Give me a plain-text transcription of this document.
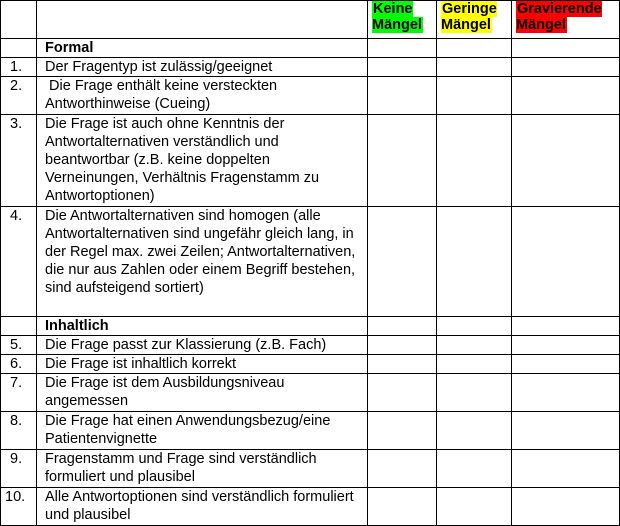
		Keine Mängel	Geringe Mängel	Gravierende Mängel
	Formal			
1.	Der Fragentyp ist zulässig/geeignet			
2.	Die Frage enthält keine versteckten Antworthinweise (Cueing)			
3.	Die Frage ist auch ohne Kenntnis der Antwortalternativen verständlich und beantwortbar (z.B. keine doppelten Verneinungen, Verhältnis Fragenstamm zu Antwortoptionen)			
4.	Die Antwortalternativen sind homogen (alle Antwortalternativen sind ungefähr gleich lang, in der Regel max. zwei Zeilen; Antwortalternativen, die nur aus Zahlen oder einem Begriff bestehen, sind aufsteigend sortiert)			
	Inhaltlich			
5.	Die Frage passt zur Klassierung (z.B. Fach)			
6.	Die Frage ist inhaltlich korrekt			
7.	Die Frage ist dem Ausbildungsniveau angemessen			
8.	Die Frage hat einen Anwendungsbezug/eine Patientenvignette			
9.	Fragenstamm und Frage sind verständlich formuliert und plausibel			
10.	Alle Antwortoptionen sind verständlich formuliert und plausibel			
